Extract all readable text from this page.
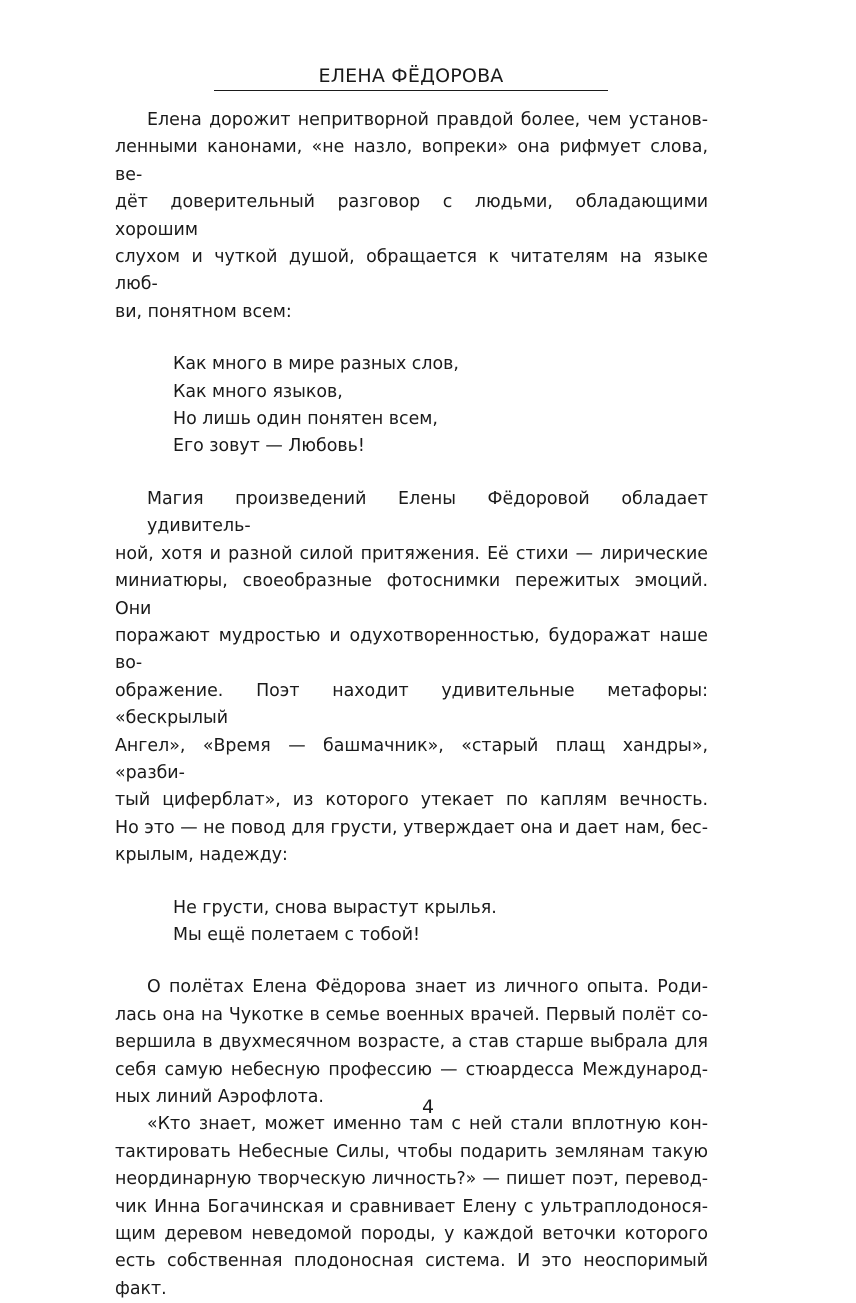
ЕЛЕНА ФЁДОРОВА
Елена дорожит непритворной правдой более, чем установ-
ленными канонами, «не назло, вопреки» она рифмует слова, ве-
дёт доверительный разговор с людьми, обладающими хорошим
слухом и чуткой душой, обращается к читателям на языке люб-
ви, понятном всем:
Как много в мире разных слов,
Как много языков,
Но лишь один понятен всем,
Его зовут — Любовь!
Магия произведений Елены Фёдоровой обладает удивитель-
ной, хотя и разной силой притяжения. Её стихи — лирические
миниатюры, своеобразные фотоснимки пережитых эмоций. Они
поражают мудростью и одухотворенностью, будоражат наше во-
ображение. Поэт находит удивительные метафоры: «бескрылый
Ангел», «Время — башмачник», «старый плащ хандры», «разби-
тый циферблат», из которого утекает по каплям вечность.
Но это — не повод для грусти, утверждает она и дает нам, бес-
крылым, надежду:
Не грусти, снова вырастут крылья.
Мы ещё полетаем с тобой!
О полётах Елена Фёдорова знает из личного опыта. Роди-
лась она на Чукотке в семье военных врачей. Первый полёт со-
вершила в двухмесячном возрасте, а став старше выбрала для
себя самую небесную профессию — стюардесса Международ-
ных линий Аэрофлота.
«Кто знает, может именно там с ней стали вплотную кон-
тактировать Небесные Силы, чтобы подарить землянам такую
неординарную творческую личность?» — пишет поэт, перевод-
чик Инна Богачинская и сравнивает Елену с ультраплодонося-
щим деревом неведомой породы, у каждой веточки которого
есть собственная плодоносная система. И это неоспоримый
факт.
4
